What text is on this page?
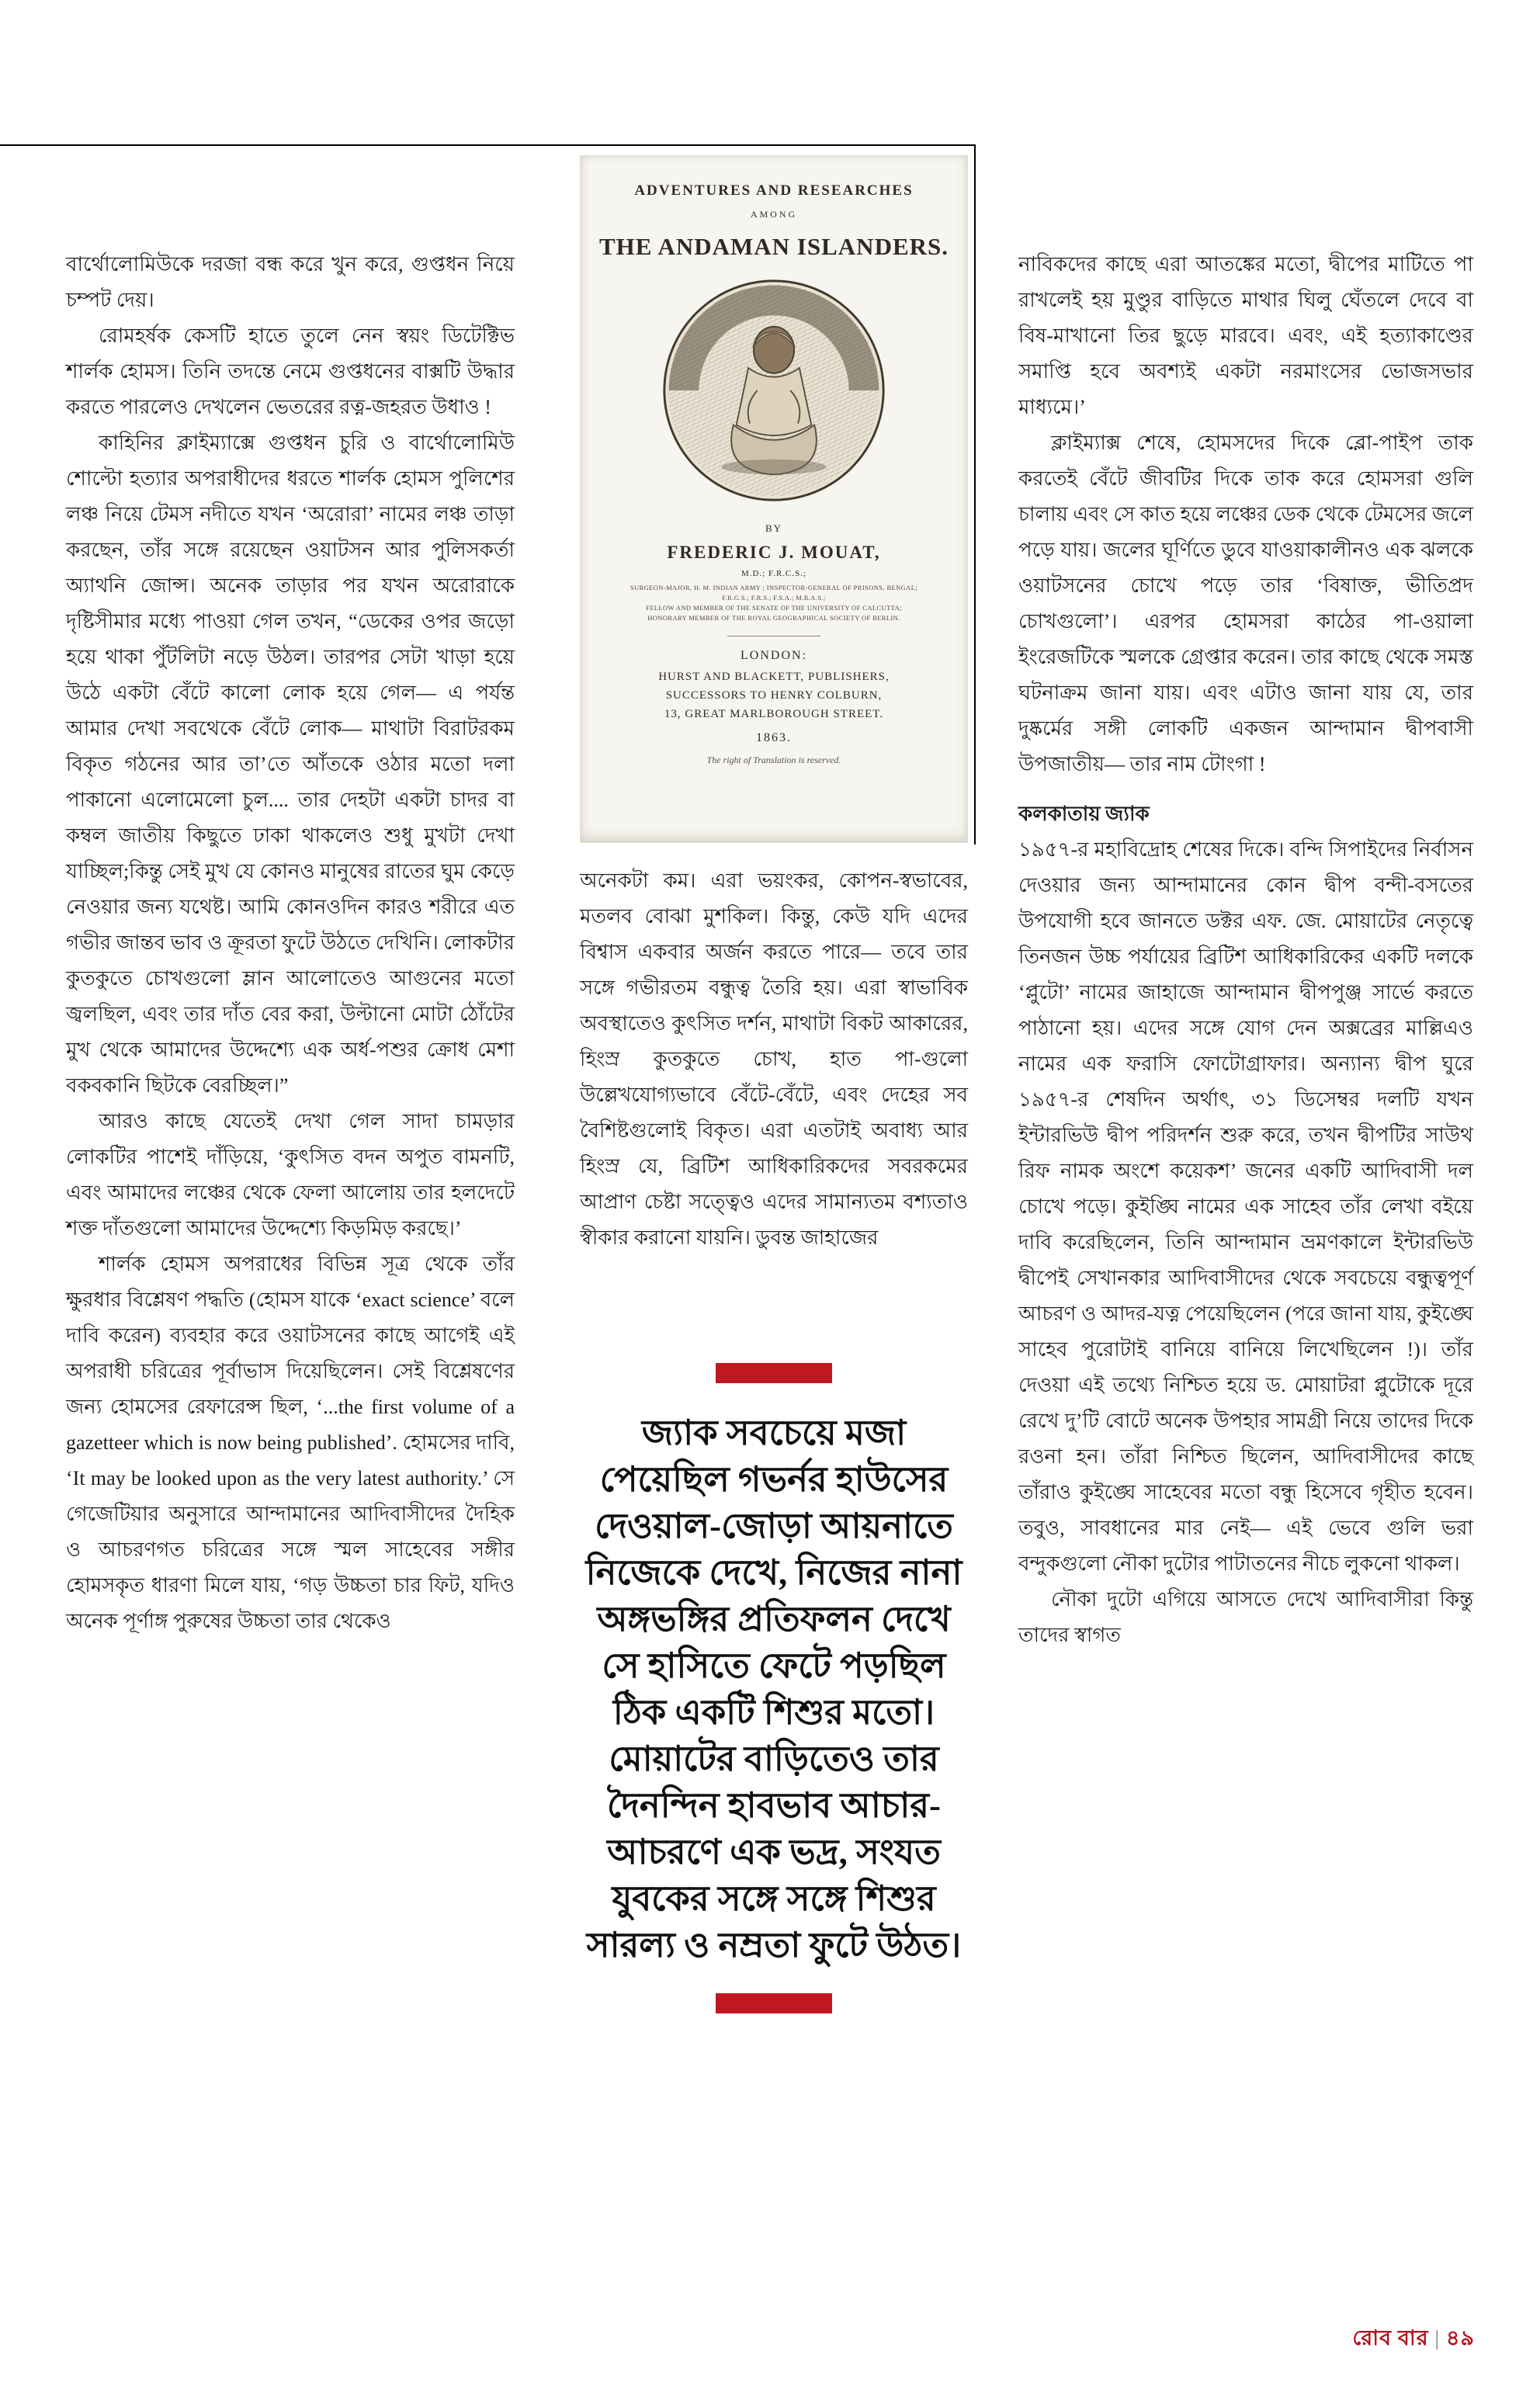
বার্থোলোমিউকে দরজা বন্ধ করে খুন করে, গুপ্তধন নিয়ে চম্পট দেয়।

রোমহর্ষক কেসটি হাতে তুলে নেন স্বয়ং ডিটেক্টিভ শার্লক হোমস। তিনি তদন্তে নেমে গুপ্তধনের বাক্সটি উদ্ধার করতে পারলেও দেখলেন ভেতরের রত্ন-জহরত উধাও !

কাহিনির ক্লাইম্যাক্সে গুপ্তধন চুরি ও বার্থোলোমিউ শোল্টো হত্যার অপরাধীদের ধরতে শার্লক হোমস পুলিশের লঞ্চ নিয়ে টেমস নদীতে যখন ‘অরোরা’ নামের লঞ্চ তাড়া করছেন, তাঁর সঙ্গে রয়েছেন ওয়াটসন আর পুলিসকর্তা অ্যাথনি জোন্স। অনেক তাড়ার পর যখন অরোরাকে দৃষ্টিসীমার মধ্যে পাওয়া গেল তখন, “ডেকের ওপর জড়ো হয়ে থাকা পুঁটলিটা নড়ে উঠল। তারপর সেটা খাড়া হয়ে উঠে একটা বেঁটে কালো লোক হয়ে গেল— এ পর্যন্ত আমার দেখা সবথেকে বেঁটে লোক— মাথাটা বিরাটরকম বিকৃত গঠনের আর তা’তে আঁতকে ওঠার মতো দলা পাকানো এলোমেলো চুল.... তার দেহটা একটা চাদর বা কম্বল জাতীয় কিছুতে ঢাকা থাকলেও শুধু মুখটা দেখা যাচ্ছিল;কিন্তু সেই মুখ যে কোনও মানুষের রাতের ঘুম কেড়ে নেওয়ার জন্য যথেষ্ট। আমি কোনওদিন কারও শরীরে এত গভীর জান্তব ভাব ও ক্রূরতা ফুটে উঠতে দেখিনি। লোকটার কুতকুতে চোখগুলো ম্লান আলোতেও আগুনের মতো জ্বলছিল, এবং তার দাঁত বের করা, উল্টানো মোটা ঠোঁটের মুখ থেকে আমাদের উদ্দেশ্যে এক অর্ধ-পশুর ক্রোধ মেশা বকবকানি ছিটকে বেরচ্ছিল।”

আরও কাছে যেতেই দেখা গেল সাদা চামড়ার লোকটির পাশেই দাঁড়িয়ে, ‘কুৎসিত বদন অপুত বামনটি, এবং আমাদের লঞ্চের থেকে ফেলা আলোয় তার হলদেটে শক্ত দাঁতগুলো আমাদের উদ্দেশ্যে কিড়মিড় করছে।’

শার্লক হোমস অপরাধের বিভিন্ন সূত্র থেকে তাঁর ক্ষুরধার বিশ্লেষণ পদ্ধতি (হোমস যাকে ‘exact science’ বলে দাবি করেন) ব্যবহার করে ওয়াটসনের কাছে আগেই এই অপরাধী চরিত্রের পূর্বাভাস দিয়েছিলেন। সেই বিশ্লেষণের জন্য হোমসের রেফারেন্স ছিল, ‘...the first volume of a gazetteer which is now being published’. হোমসের দাবি, ‘It may be looked upon as the very latest authority.’ সে গেজেটিয়ার অনুসারে আন্দামানের আদিবাসীদের দৈহিক ও আচরণগত চরিত্রের সঙ্গে স্মল সাহেবের সঙ্গীর হোমসকৃত ধারণা মিলে যায়, ‘গড় উচ্চতা চার ফিট, যদিও অনেক পূর্ণাঙ্গ পুরুষের উচ্চতা তার থেকেও

ADVENTURES AND RESEARCHES
AMONG
THE ANDAMAN ISLANDERS.
BY
FREDERIC J. MOUAT,
M.D.; F.R.C.S.;
SURGEON-MAJOR, H. M. INDIAN ARMY ; INSPECTOR-GENERAL OF PRISONS, BENGAL;
F.R.G.S.; F.R.S.; F.S.A.; M.R.A.S.;
FELLOW AND MEMBER OF THE SENATE OF THE UNIVERSITY OF CALCUTTA;
HONORARY MEMBER OF THE ROYAL GEOGRAPHICAL SOCIETY OF BERLIN.
LONDON:
HURST AND BLACKETT, PUBLISHERS,
SUCCESSORS TO HENRY COLBURN,
13, GREAT MARLBOROUGH STREET.
1863.
The right of Translation is reserved.

অনেকটা কম। এরা ভয়ংকর, কোপন-স্বভাবের, মতলব বোঝা মুশকিল। কিন্তু, কেউ যদি এদের বিশ্বাস একবার অর্জন করতে পারে— তবে তার সঙ্গে গভীরতম বন্ধুত্ব তৈরি হয়। এরা স্বাভাবিক অবস্থাতেও কুৎসিত দর্শন, মাথাটা বিকট আকারের, হিংস্র কুতকুতে চোখ, হাত পা-গুলো উল্লেখযোগ্যভাবে বেঁটে-বেঁটে, এবং দেহের সব বৈশিষ্টগুলোই বিকৃত। এরা এতটাই অবাধ্য আর হিংস্র যে, ব্রিটিশ আধিকারিকদের সবরকমের আপ্রাণ চেষ্টা সত্ত্বেও এদের সামান্যতম বশ্যতাও স্বীকার করানো যায়নি। ডুবন্ত জাহাজের

জ্যাক সবচেয়ে মজা পেয়েছিল গভর্নর হাউসের দেওয়াল-জোড়া আয়নাতে নিজেকে দেখে, নিজের নানা অঙ্গভঙ্গির প্রতিফলন দেখে সে হাসিতে ফেটে পড়ছিল ঠিক একটি শিশুর মতো। মোয়াটের বাড়িতেও তার দৈনন্দিন হাবভাব আচার-আচরণে এক ভদ্র, সংযত যুবকের সঙ্গে সঙ্গে শিশুর সারল্য ও নম্রতা ফুটে উঠত।

নাবিকদের কাছে এরা আতঙ্কের মতো, দ্বীপের মাটিতে পা রাখলেই হয় মুণ্ডুর বাড়িতে মাথার ঘিলু ঘেঁতলে দেবে বা বিষ-মাখানো তির ছুড়ে মারবে। এবং, এই হত্যাকাণ্ডের সমাপ্তি হবে অবশ্যই একটা নরমাংসের ভোজসভার মাধ্যমে।’

ক্লাইম্যাক্স শেষে, হোমসদের দিকে ব্লো-পাইপ তাক করতেই বেঁটে জীবটির দিকে তাক করে হোমসরা গুলি চালায় এবং সে কাত হয়ে লঞ্চের ডেক থেকে টেমসের জলে পড়ে যায়। জলের ঘূর্ণিতে ডুবে যাওয়াকালীনও এক ঝলকে ওয়াটসনের চোখে পড়ে তার ‘বিষাক্ত, ভীতিপ্রদ চোখগুলো’। এরপর হোমসরা কাঠের পা-ওয়ালা ইংরেজটিকে স্মলকে গ্রেপ্তার করেন। তার কাছে থেকে সমস্ত ঘটনাক্রম জানা যায়। এবং এটাও জানা যায় যে, তার দুষ্কর্মের সঙ্গী লোকটি একজন আন্দামান দ্বীপবাসী উপজাতীয়— তার নাম টোংগা !

কলকাতায় জ্যাক

১৯৫৭-র মহাবিদ্রোহ শেষের দিকে। বন্দি সিপাইদের নির্বাসন দেওয়ার জন্য আন্দামানের কোন দ্বীপ বন্দী-বসতের উপযোগী হবে জানতে ডক্টর এফ. জে. মোয়াটের নেতৃত্বে তিনজন উচ্চ পর্যায়ের ব্রিটিশ আধিকারিকের একটি দলকে ‘প্লুটো’ নামের জাহাজে আন্দামান দ্বীপপুঞ্জ সার্ভে করতে পাঠানো হয়। এদের সঙ্গে যোগ দেন অক্সব্রের মাল্লিএও নামের এক ফরাসি ফোটোগ্রাফার। অন্যান্য দ্বীপ ঘুরে ১৯৫৭-র শেষদিন অর্থাৎ, ৩১ ডিসেম্বর দলটি যখন ইন্টারভিউ দ্বীপ পরিদর্শন শুরু করে, তখন দ্বীপটির সাউথ রিফ নামক অংশে কয়েকশ’ জনের একটি আদিবাসী দল চোখে পড়ে। কুইঙ্ঘি নামের এক সাহেব তাঁর লেখা বইয়ে দাবি করেছিলেন, তিনি আন্দামান ভ্রমণকালে ইন্টারভিউ দ্বীপেই সেখানকার আদিবাসীদের থেকে সবচেয়ে বন্ধুত্বপূর্ণ আচরণ ও আদর-যত্ন পেয়েছিলেন (পরে জানা যায়, কুইঙ্ঘে সাহেব পুরোটাই বানিয়ে বানিয়ে লিখেছিলেন !)। তাঁর দেওয়া এই তথ্যে নিশ্চিত হয়ে ড. মোয়াটরা প্লুটোকে দূরে রেখে দু’টি বোটে অনেক উপহার সামগ্রী নিয়ে তাদের দিকে রওনা হন। তাঁরা নিশ্চিত ছিলেন, আদিবাসীদের কাছে তাঁরাও কুইঙ্ঘে সাহেবের মতো বন্ধু হিসেবে গৃহীত হবেন। তবুও, সাবধানের মার নেই— এই ভেবে গুলি ভরা বন্দুকগুলো নৌকা দুটোর পাটাতনের নীচে লুকনো থাকল।

নৌকা দুটো এগিয়ে আসতে দেখে আদিবাসীরা কিন্তু তাদের স্বাগত

রোব বার | ৪৯
